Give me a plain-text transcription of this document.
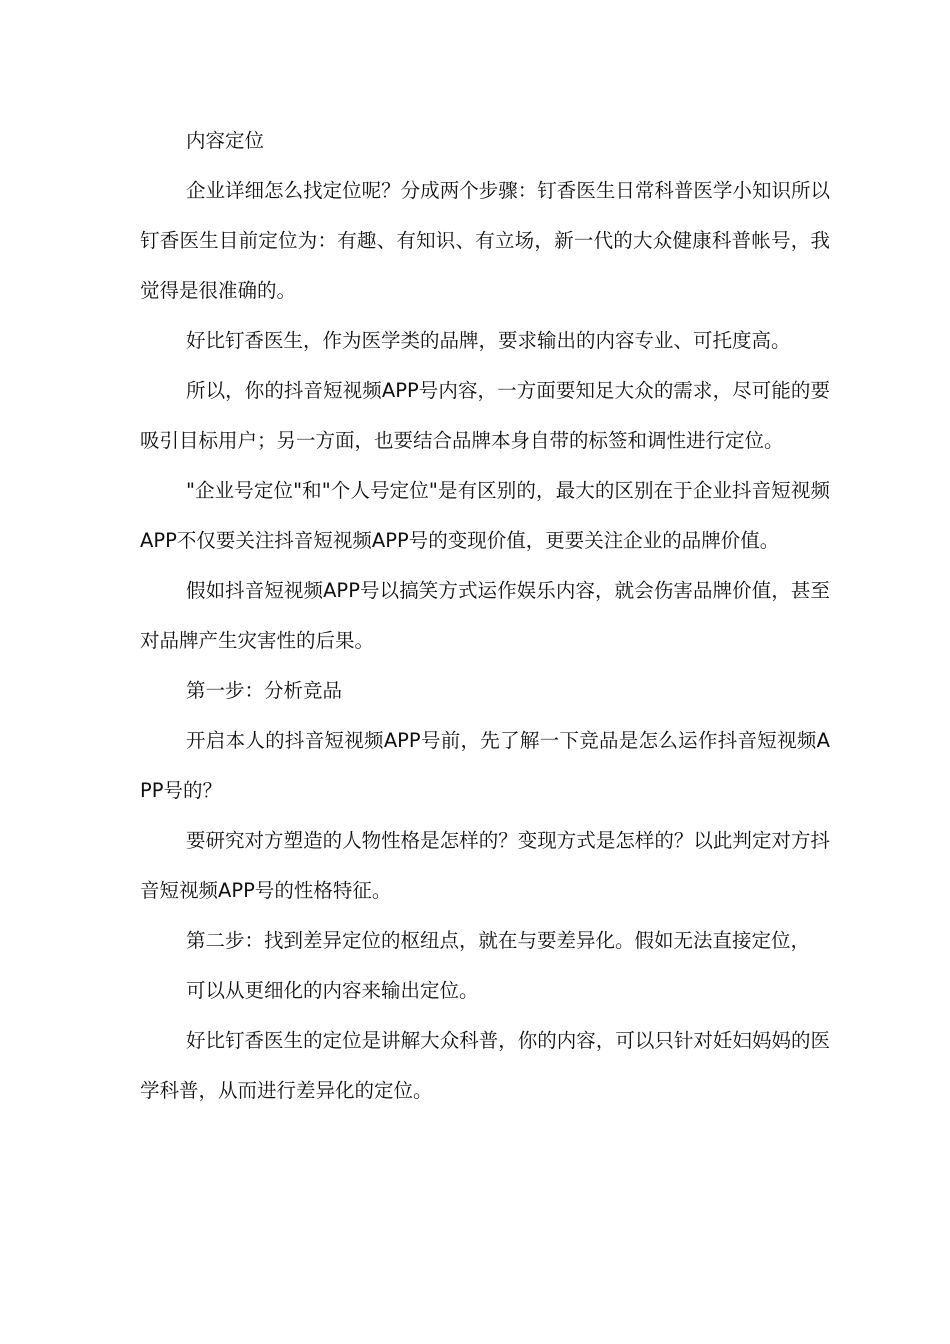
内容定位

企业详细怎么找定位呢？分成两个步骤：钉香医生日常科普医学小知识所以钉香医生目前定位为：有趣、有知识、有立场，新一代的大众健康科普帐号，我觉得是很准确的。

好比钉香医生，作为医学类的品牌，要求输出的内容专业、可托度高。

所以，你的抖音短视频APP号内容，一方面要知足大众的需求，尽可能的要吸引目标用户；另一方面，也要结合品牌本身自带的标签和调性进行定位。

"企业号定位"和"个人号定位"是有区别的，最大的区别在于企业抖音短视频APP不仅要关注抖音短视频APP号的变现价值，更要关注企业的品牌价值。

假如抖音短视频APP号以搞笑方式运作娱乐内容，就会伤害品牌价值，甚至对品牌产生灾害性的后果。

第一步：分析竞品

开启本人的抖音短视频APP号前，先了解一下竞品是怎么运作抖音短视频APP号的？

要研究对方塑造的人物性格是怎样的？变现方式是怎样的？以此判定对方抖音短视频APP号的性格特征。

第二步：找到差异定位的枢纽点，就在与要差异化。假如无法直接定位，

可以从更细化的内容来输出定位。

好比钉香医生的定位是讲解大众科普，你的内容，可以只针对妊妇妈妈的医学科普，从而进行差异化的定位。
